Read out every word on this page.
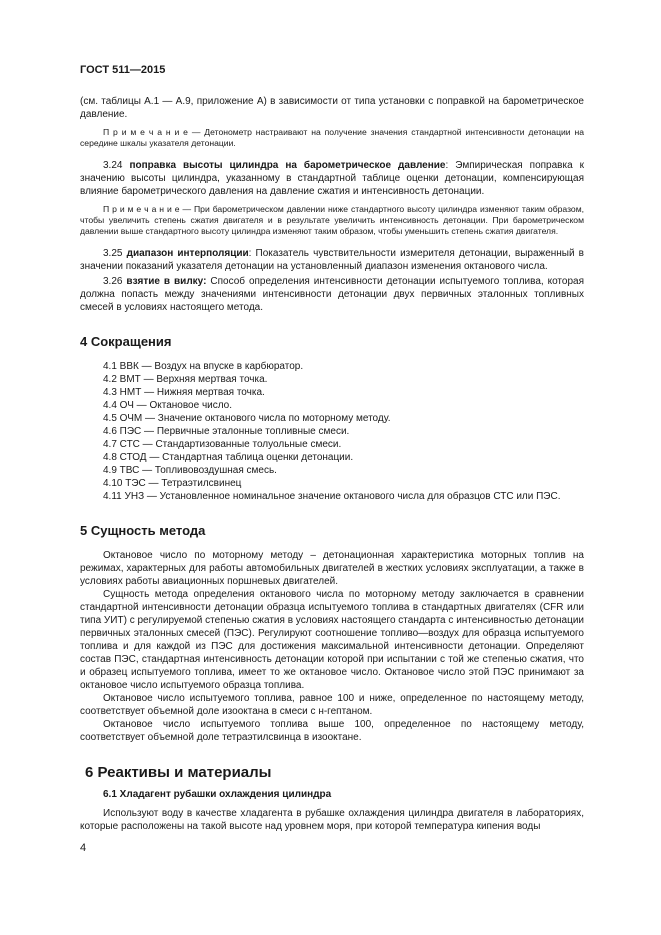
ГОСТ 511—2015

(см. таблицы А.1 — А.9, приложение А) в зависимости от типа установки с поправкой на барометрическое давление.

П р и м е ч а н и е — Детонометр настраивают на получение значения стандартной интенсивности детонации на середине шкалы указателя детонации.

3.24 поправка высоты цилиндра на барометрическое давление: Эмпирическая поправка к значению высоты цилиндра, указанному в стандартной таблице оценки детонации, компенсирующая влияние барометрического давления на давление сжатия и интенсивность детонации.

П р и м е ч а н и е — При барометрическом давлении ниже стандартного высоту цилиндра изменяют таким образом, чтобы увеличить степень сжатия двигателя и в результате увеличить интенсивность детонации. При барометрическом давлении выше стандартного высоту цилиндра изменяют таким образом, чтобы уменьшить степень сжатия двигателя.

3.25 диапазон интерполяции: Показатель чувствительности измерителя детонации, выраженный в значении показаний указателя детонации на установленный диапазон изменения октанового числа.

3.26 взятие в вилку: Способ определения интенсивности детонации испытуемого топлива, которая должна попасть между значениями интенсивности детонации двух первичных эталонных топливных смесей в условиях настоящего метода.

4 Сокращения
4.1 ВВК — Воздух на впуске в карбюратор.
4.2 ВМТ — Верхняя мертвая точка.
4.3 НМТ — Нижняя мертвая точка.
4.4 ОЧ — Октановое число.
4.5 ОЧМ — Значение октанового числа по моторному методу.
4.6 ПЭС — Первичные эталонные топливные смеси.
4.7 СТС — Стандартизованные толуольные смеси.
4.8 СТОД — Стандартная таблица оценки детонации.
4.9 ТВС — Топливовоздушная смесь.
4.10 ТЭС — Тетраэтилсвинец
4.11 УНЗ — Установленное номинальное значение октанового числа для образцов СТС или ПЭС.
5 Сущность метода

Октановое число по моторному методу – детонационная характеристика моторных топлив на режимах, характерных для работы автомобильных двигателей в жестких условиях эксплуатации, а также в условиях работы авиационных поршневых двигателей.

Сущность метода определения октанового числа по моторному методу заключается в сравнении стандартной интенсивности детонации образца испытуемого топлива в стандартных двигателях (CFR или типа УИТ) с регулируемой степенью сжатия в условиях настоящего стандарта с интенсивностью детонации первичных эталонных смесей (ПЭС). Регулируют соотношение топливо—воздух для образца испытуемого топлива и для каждой из ПЭС для достижения максимальной интенсивности детонации. Определяют состав ПЭС, стандартная интенсивность детонации которой при испытании с той же степенью сжатия, что и образец испытуемого топлива, имеет то же октановое число. Октановое число этой ПЭС принимают за октановое число испытуемого образца топлива.

Октановое число испытуемого топлива, равное 100 и ниже, определенное по настоящему методу, соответствует объемной доле изооктана в смеси с н-гептаном.

Октановое число испытуемого топлива выше 100, определенное по настоящему методу, соответствует объемной доле тетраэтилсвинца в изооктане.

6 Реактивы и материалы

6.1 Хладагент рубашки охлаждения цилиндра

Используют воду в качестве хладагента в рубашке охлаждения цилиндра двигателя в лабораториях, которые расположены на такой высоте над уровнем моря, при которой температура кипения воды

4
